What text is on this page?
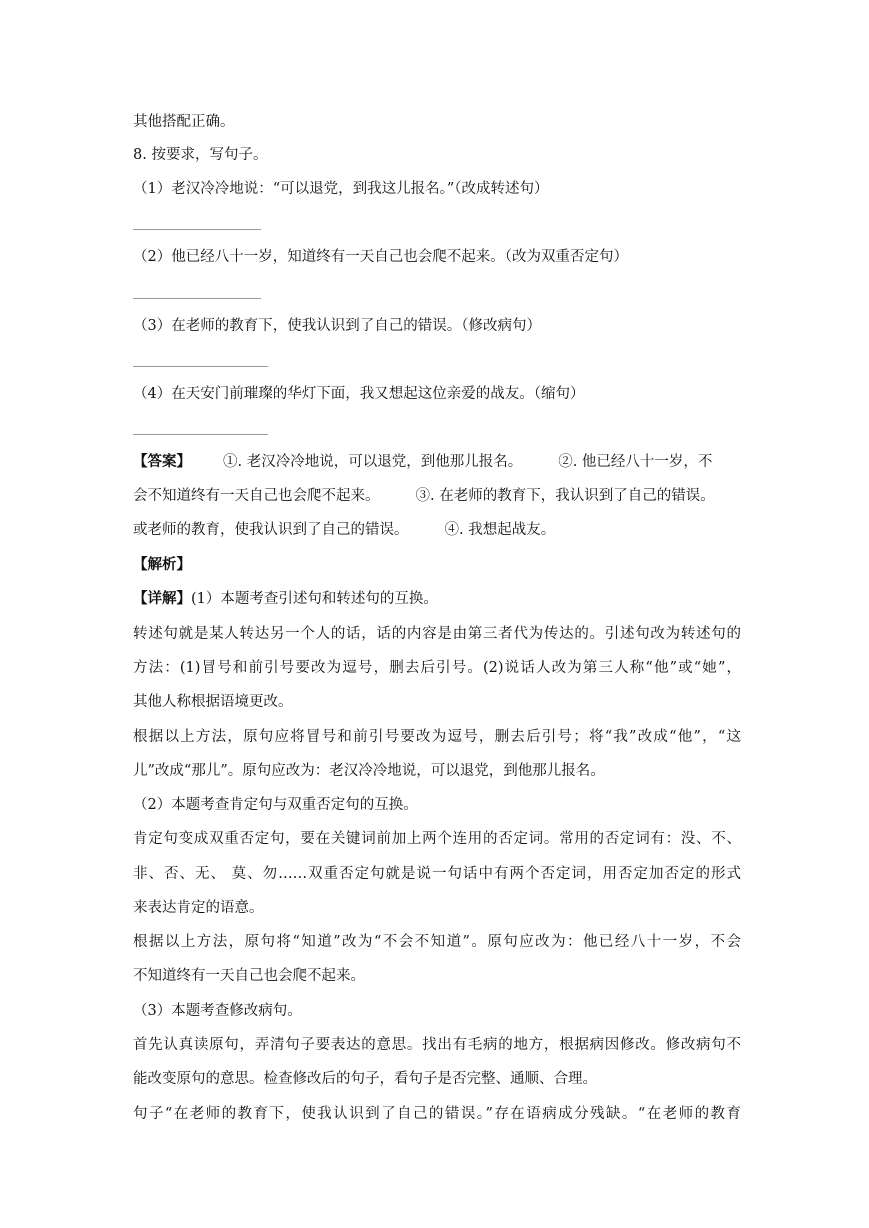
其他搭配正确。
8. 按要求，写句子。
（1）老汉冷冷地说：“可以退党，到我这儿报名。”（改成转述句）
（2）他已经八十一岁，知道终有一天自己也会爬不起来。（改为双重否定句）
（3）在老师的教育下，使我认识到了自己的错误。（修改病句）
（4）在天安门前璀璨的华灯下面，我又想起这位亲爱的战友。（缩句）
【答案】 ①. 老汉冷冷地说，可以退党，到他那儿报名。 ②. 他已经八十一岁，不
会不知道终有一天自己也会爬不起来。 ③. 在老师的教育下，我认识到了自己的错误。
或老师的教育，使我认识到了自己的错误。 ④. 我想起战友。
【解析】
【详解】(1）本题考查引述句和转述句的互换。
转述句就是某人转达另一个人的话，话的内容是由第三者代为传达的。引述句改为转述句的
方法：(1)冒号和前引号要改为逗号，删去后引号。(2)说话人改为第三人称“他”或“她”，
其他人称根据语境更改。
根据以上方法，原句应将冒号和前引号要改为逗号，删去后引号；将“我”改成“他”，“这
儿”改成“那儿”。原句应改为：老汉冷冷地说，可以退党，到他那儿报名。
（2）本题考查肯定句与双重否定句的互换。
肯定句变成双重否定句，要在关键词前加上两个连用的否定词。常用的否定词有：没、不、
非、否、无、 莫、勿……双重否定句就是说一句话中有两个否定词，用否定加否定的形式
来表达肯定的语意。
根据以上方法，原句将“知道”改为“不会不知道”。原句应改为：他已经八十一岁，不会
不知道终有一天自己也会爬不起来。
（3）本题考查修改病句。
首先认真读原句，弄清句子要表达的意思。找出有毛病的地方，根据病因修改。修改病句不
能改变原句的意思。检查修改后的句子，看句子是否完整、通顺、合理。
句子“在老师的教育下，使我认识到了自己的错误。”存在语病成分残缺。“在老师的教育
